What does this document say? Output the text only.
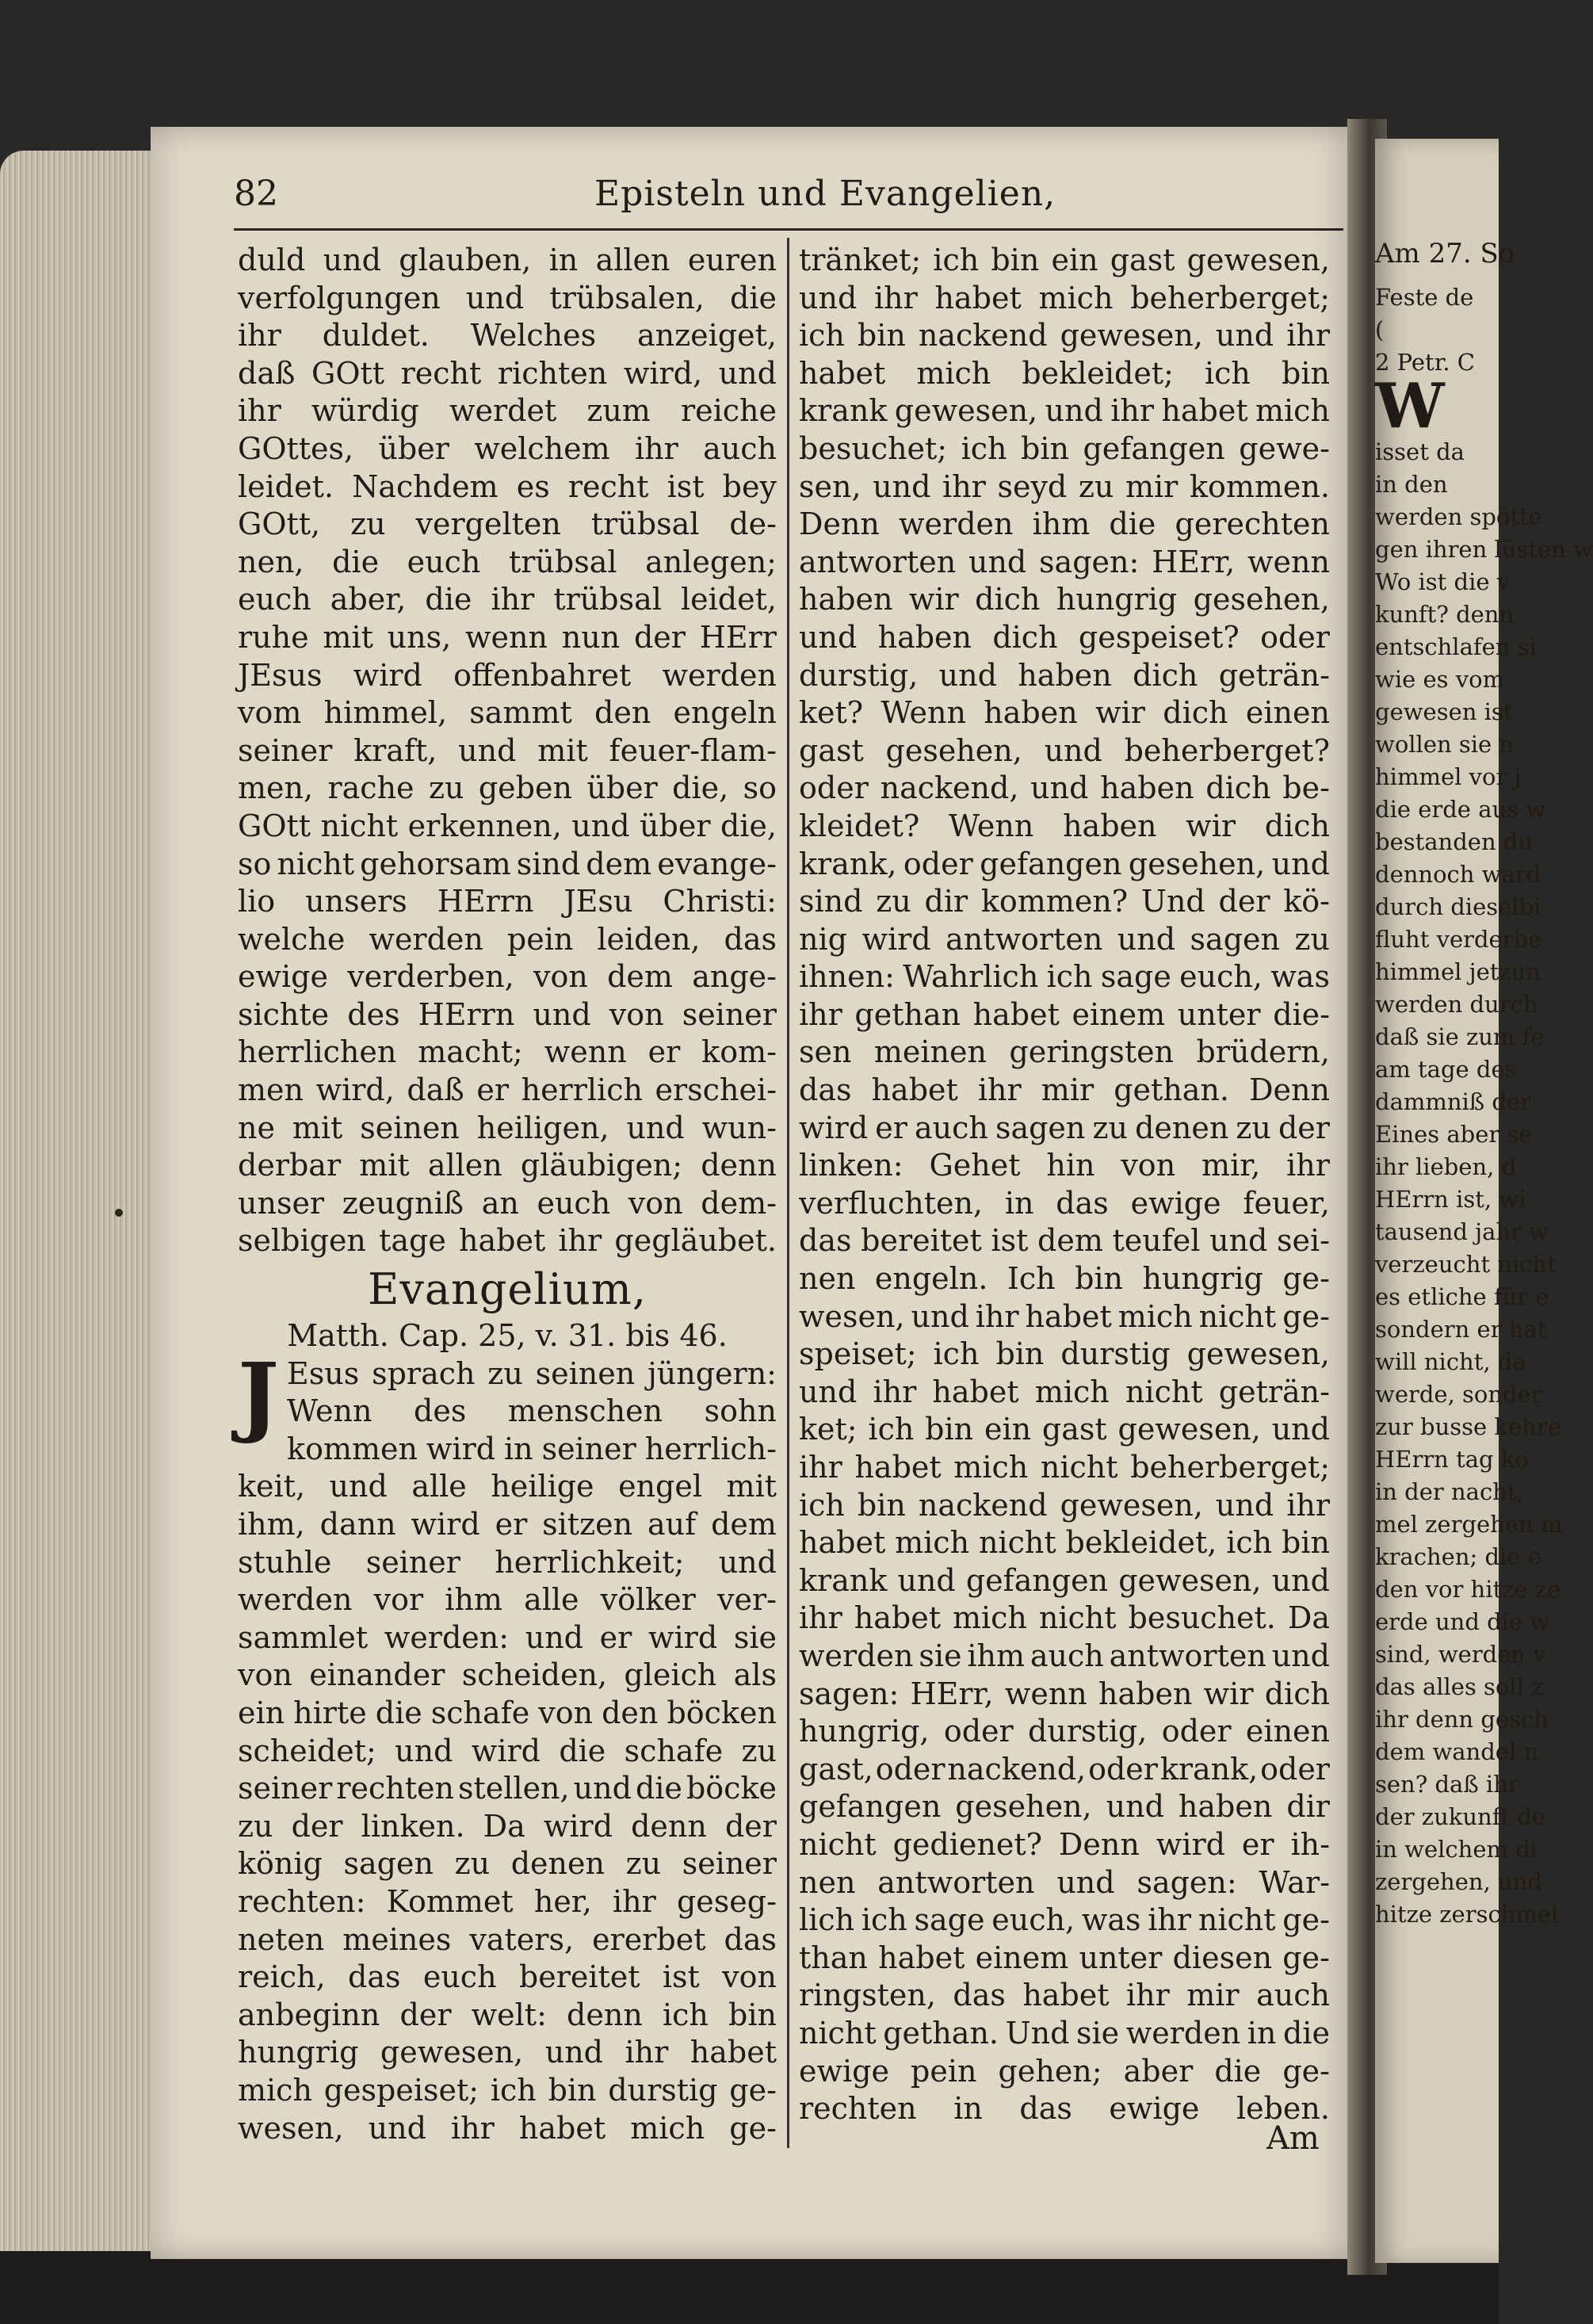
Am 27. So
Feste de
(
2 Petr. C
W
isset da
in den
werden spötte
gen ihren lüsten w
Wo ist die v
kunft? denn
entschlafen si
wie es vom
gewesen ist
wollen sie n
himmel vor j
die erde aus w
bestanden du
dennoch ward
durch dieselbi
fluht verderbe
himmel jetzun
werden durch
daß sie zum fe
am tage des
dammniß der
Eines aber se
ihr lieben, d
HErrn ist, wi
tausend jahr w
verzeucht nicht
es etliche für e
sondern er hat
will nicht, da
werde, sonder
zur busse kehre
HErrn tag ko
in der nacht,
mel zergehen m
krachen; die e
den vor hitze ze
erde und die w
sind, werden v
das alles soll z
ihr denn gesch
dem wandel n
sen? daß ihr
der zukunft de
in welchem di
zergehen, und
hitze zerschmel
82	Episteln und Evangelien,
duld und glauben, in allen euren
verfolgungen und trübsalen, die
ihr duldet. Welches anzeiget,
daß GOtt recht richten wird, und
ihr würdig werdet zum reiche
GOttes, über welchem ihr auch
leidet. Nachdem es recht ist bey
GOtt, zu vergelten trübsal de-
nen, die euch trübsal anlegen;
euch aber, die ihr trübsal leidet,
ruhe mit uns, wenn nun der HErr
JEsus wird offenbahret werden
vom himmel, sammt den engeln
seiner kraft, und mit feuer-flam-
men, rache zu geben über die, so
GOtt nicht erkennen, und über die,
so nicht gehorsam sind dem evange-
lio unsers HErrn JEsu Christi:
welche werden pein leiden, das
ewige verderben, von dem ange-
sichte des HErrn und von seiner
herrlichen macht; wenn er kom-
men wird, daß er herrlich erschei-
ne mit seinen heiligen, und wun-
derbar mit allen gläubigen; denn
unser zeugniß an euch von dem-
selbigen tage habet ihr gegläubet.
Evangelium,
Matth. Cap. 25, v. 31. bis 46.
J Esus sprach zu seinen jüngern:
Wenn des menschen sohn
kommen wird in seiner herrlich-
keit, und alle heilige engel mit
ihm, dann wird er sitzen auf dem
stuhle seiner herrlichkeit; und
werden vor ihm alle völker ver-
sammlet werden: und er wird sie
von einander scheiden, gleich als
ein hirte die schafe von den böcken
scheidet; und wird die schafe zu
seiner rechten stellen, und die böcke
zu der linken. Da wird denn der
könig sagen zu denen zu seiner
rechten: Kommet her, ihr geseg-
neten meines vaters, ererbet das
reich, das euch bereitet ist von
anbeginn der welt: denn ich bin
hungrig gewesen, und ihr habet
mich gespeiset; ich bin durstig ge-
wesen, und ihr habet mich ge-
tränket; ich bin ein gast gewesen,
und ihr habet mich beherberget;
ich bin nackend gewesen, und ihr
habet mich bekleidet; ich bin
krank gewesen, und ihr habet mich
besuchet; ich bin gefangen gewe-
sen, und ihr seyd zu mir kommen.
Denn werden ihm die gerechten
antworten und sagen: HErr, wenn
haben wir dich hungrig gesehen,
und haben dich gespeiset? oder
durstig, und haben dich geträn-
ket? Wenn haben wir dich einen
gast gesehen, und beherberget?
oder nackend, und haben dich be-
kleidet? Wenn haben wir dich
krank, oder gefangen gesehen, und
sind zu dir kommen? Und der kö-
nig wird antworten und sagen zu
ihnen: Wahrlich ich sage euch, was
ihr gethan habet einem unter die-
sen meinen geringsten brüdern,
das habet ihr mir gethan. Denn
wird er auch sagen zu denen zu der
linken: Gehet hin von mir, ihr
verfluchten, in das ewige feuer,
das bereitet ist dem teufel und sei-
nen engeln. Ich bin hungrig ge-
wesen, und ihr habet mich nicht ge-
speiset; ich bin durstig gewesen,
und ihr habet mich nicht geträn-
ket; ich bin ein gast gewesen, und
ihr habet mich nicht beherberget;
ich bin nackend gewesen, und ihr
habet mich nicht bekleidet, ich bin
krank und gefangen gewesen, und
ihr habet mich nicht besuchet. Da
werden sie ihm auch antworten und
sagen: HErr, wenn haben wir dich
hungrig, oder durstig, oder einen
gast, oder nackend, oder krank, oder
gefangen gesehen, und haben dir
nicht gedienet? Denn wird er ih-
nen antworten und sagen: War-
lich ich sage euch, was ihr nicht ge-
than habet einem unter diesen ge-
ringsten, das habet ihr mir auch
nicht gethan. Und sie werden in die
ewige pein gehen; aber die ge-
rechten in das ewige leben.
Am
